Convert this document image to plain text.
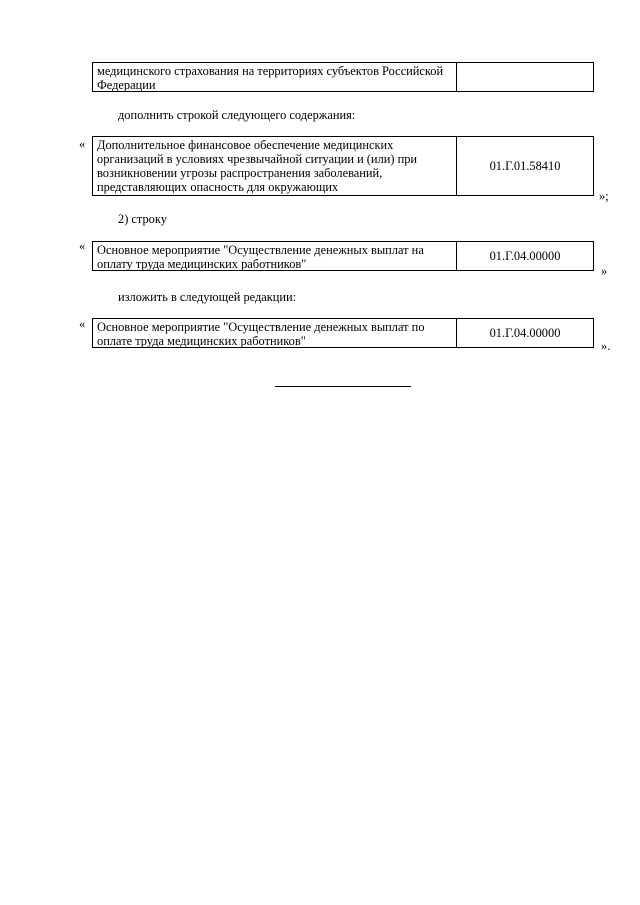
медицинского страхования на территориях субъектов Российской Федерации
дополнить строкой следующего содержания:
« Дополнительное финансовое обеспечение медицинских организаций в условиях чрезвычайной ситуации и (или) при возникновении угрозы распространения заболеваний, представляющих опасность для окружающих
01.Г.01.58410
»;
2) строку
« Основное мероприятие "Осуществление денежных выплат на оплату труда медицинских работников"
01.Г.04.00000
»
изложить в следующей редакции:
« Основное мероприятие "Осуществление денежных выплат по оплате труда медицинских работников"
01.Г.04.00000
».
